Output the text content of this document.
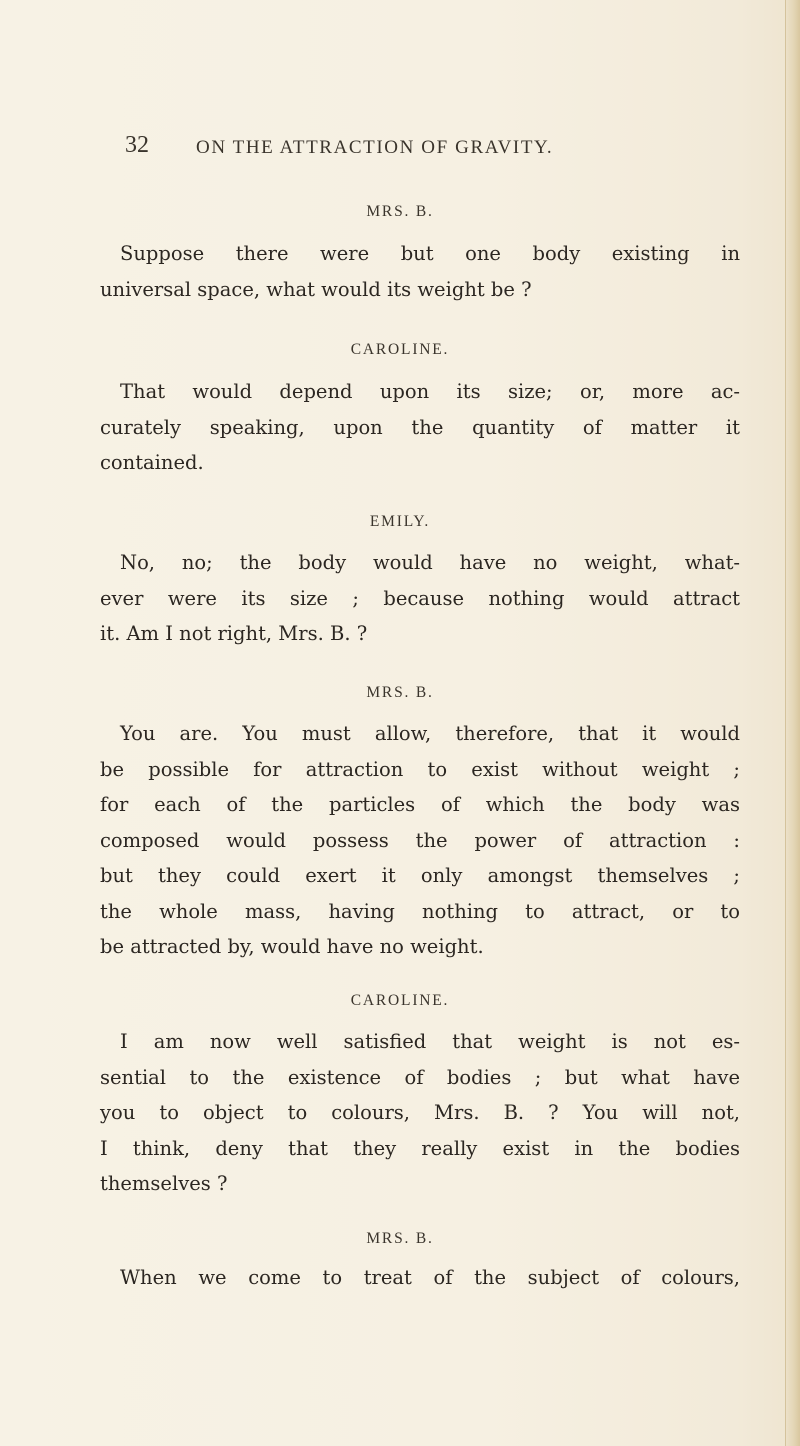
32 ON THE ATTRACTION OF GRAVITY.
MRS. B.
Suppose there were but one body existing in
universal space, what would its weight be ?
CAROLINE.
That would depend upon its size; or, more ac-
curately speaking, upon the quantity of matter it
contained.
EMILY.
No, no; the body would have no weight, what-
ever were its size ; because nothing would attract
it. Am I not right, Mrs. B. ?
MRS. B.
You are. You must allow, therefore, that it would
be possible for attraction to exist without weight ;
for each of the particles of which the body was
composed would possess the power of attraction :
but they could exert it only amongst themselves ;
the whole mass, having nothing to attract, or to
be attracted by, would have no weight.
CAROLINE.
I am now well satisfied that weight is not es-
sential to the existence of bodies ; but what have
you to object to colours, Mrs. B. ? You will not,
I think, deny that they really exist in the bodies
themselves ?
MRS. B.
When we come to treat of the subject of colours,
